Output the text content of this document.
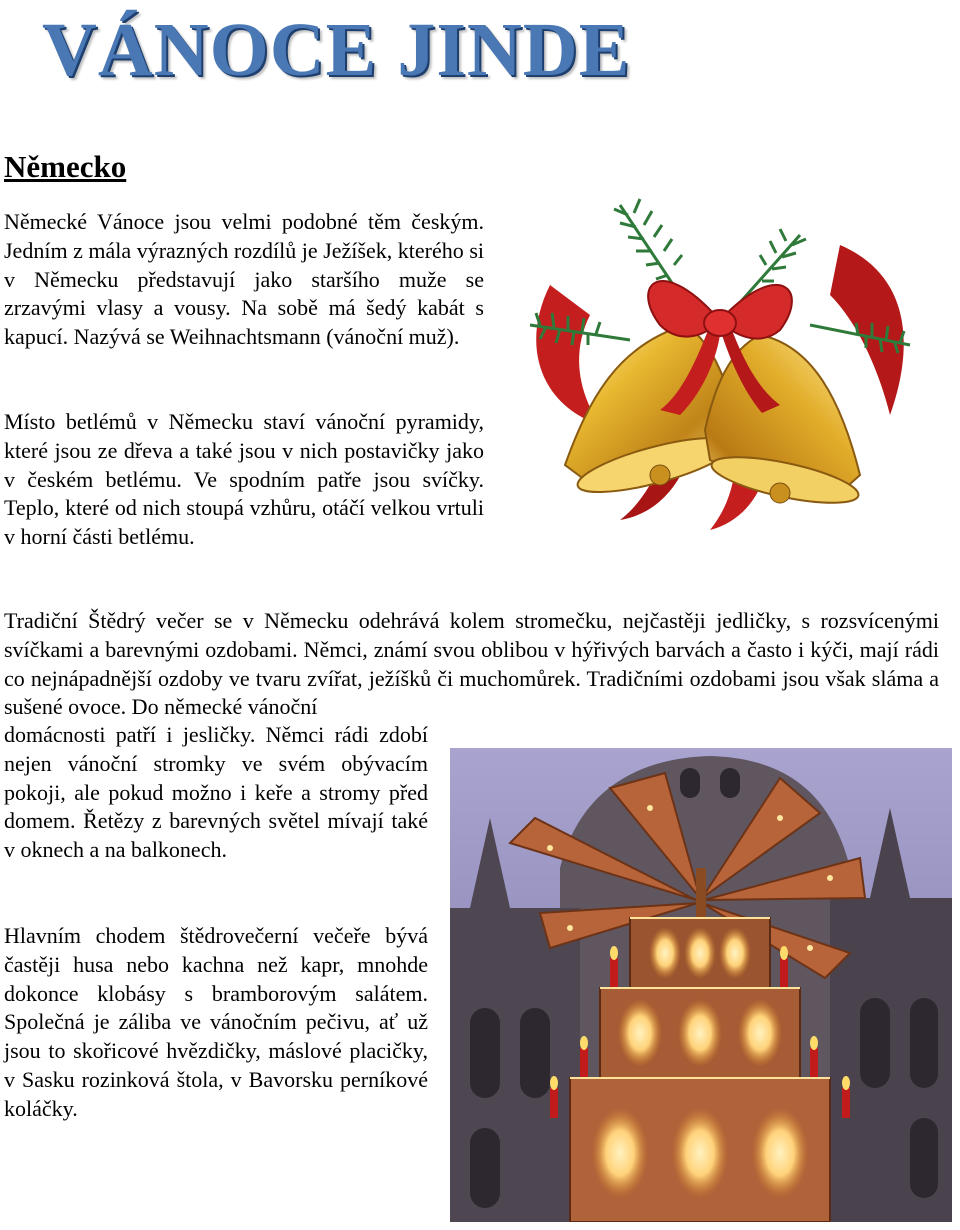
VÁNOCE JINDE
Německo

Německé Vánoce jsou velmi podobné těm českým. Jedním z mála výrazných rozdílů je Ježíšek, kterého si v Německu představují jako staršího muže se zrzavými vlasy a vousy. Na sobě má šedý kabát s kapucí. Nazývá se Weihnachtsmann (vánoční muž).

Místo betlémů v Německu staví vánoční pyramidy, které jsou ze dřeva a také jsou v nich postavičky jako v českém betlému. Ve spodním patře jsou svíčky. Teplo, které od nich stoupá vzhůru, otáčí velkou vrtuli v horní části betlému.

Tradiční Štědrý večer se v Německu odehrává kolem stromečku, nejčastěji jedličky, s rozsvícenými svíčkami a barevnými ozdobami. Němci, známí svou oblibou v hýřivých barvách a často i kýči, mají rádi co nejnápadnější ozdoby ve tvaru zvířat, ježíšků či muchomůrek. Tradičními ozdobami jsou však sláma a sušené ovoce. Do německé vánoční

domácnosti patří i jesličky. Němci rádi zdobí nejen vánoční stromky ve svém obývacím pokoji, ale pokud možno i keře a stromy před domem. Řetězy z barevných světel mívají také v oknech a na balkonech.

Hlavním chodem štědrovečerní večeře bývá častěji husa nebo kachna než kapr, mnohde dokonce klobásy s bramborovým salátem. Společná je záliba ve vánočním pečivu, ať už jsou to skořicové hvězdičky, máslové placičky, v Sasku rozinková štola, v Bavorsku perníkové koláčky.
